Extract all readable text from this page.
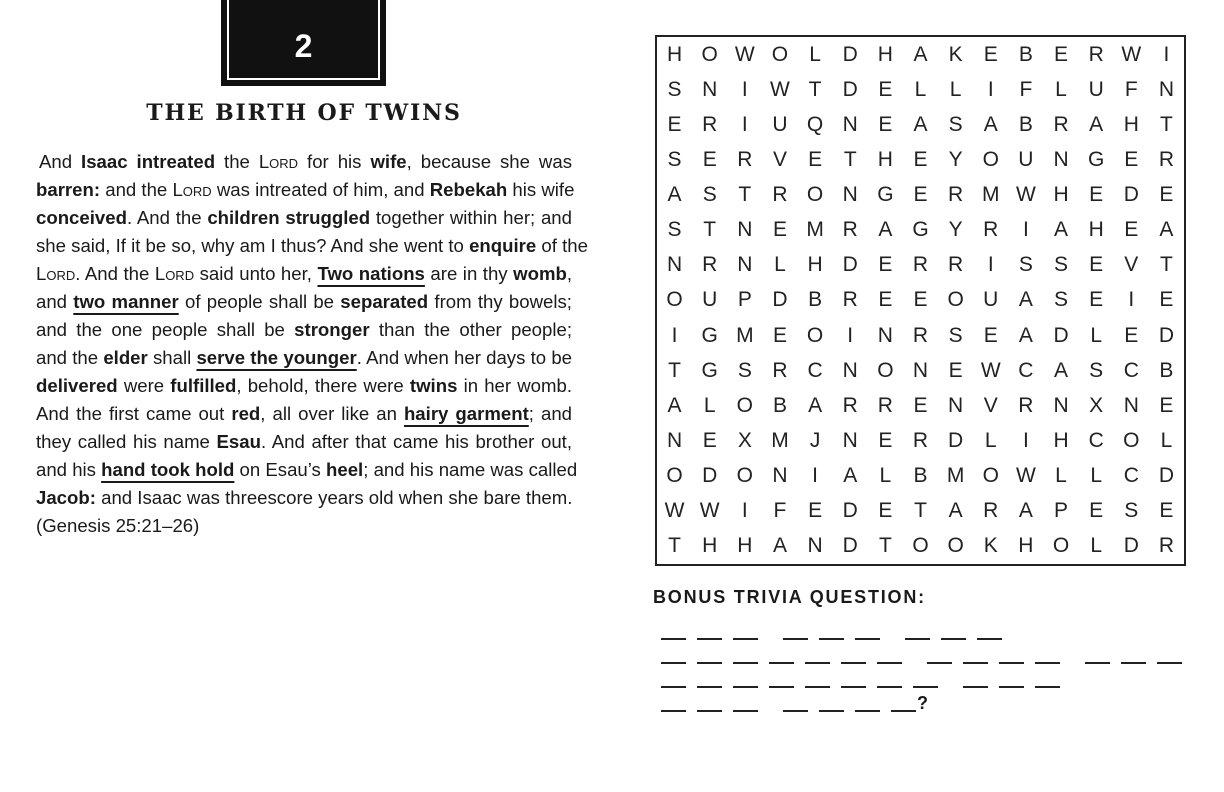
2
THE BIRTH OF TWINS
And Isaac intreated the Lord for his wife, because she was
barren: and the Lord was intreated of him, and Rebekah his wife
conceived. And the children struggled together within her; and
she said, If it be so, why am I thus? And she went to enquire of the
Lord. And the Lord said unto her, Two nations are in thy womb,
and two manner of people shall be separated from thy bowels;
and the one people shall be stronger than the other people;
and the elder shall serve the younger. And when her days to be
delivered were fulfilled, behold, there were twins in her womb.
And the first came out red, all over like an hairy garment; and
they called his name Esau. And after that came his brother out,
and his hand took hold on Esau’s heel; and his name was called
Jacob: and Isaac was threescore years old when she bare them.
(Genesis 25:21–26)
H O W O	L	D H A	K	E	B	E R W	I
S N	I	W T	D E	L	L	I	F	L	U	F	N
E R	I	U Q N E	A	S	A	B R A H	T
S	E R V	E	T	H E	Y O U N G E R
A	S	T	R O N G E R M W H E D E
S	T	N E M R A G Y R	I	A H E	A
N R N	L	H D E R R	I	S	S	E	V	T
O U P D B R E	E O U A	S	E	I	E
I	G M E O	I	N R S	E	A D	L	E D
T G S R C N O N E W C A	S C B
A	L	O B	A R R E N V R N X N E
N E	X M	J	N E R D	L	I	H C O	L
O D O N	I	A	L	B M O W L	L	C D
W W	I	F	E D E	T	A R A	P	E	S	E
T	H H A N D	T O O K H O	L	D R

BONUS TRIVIA QUESTION:

?
